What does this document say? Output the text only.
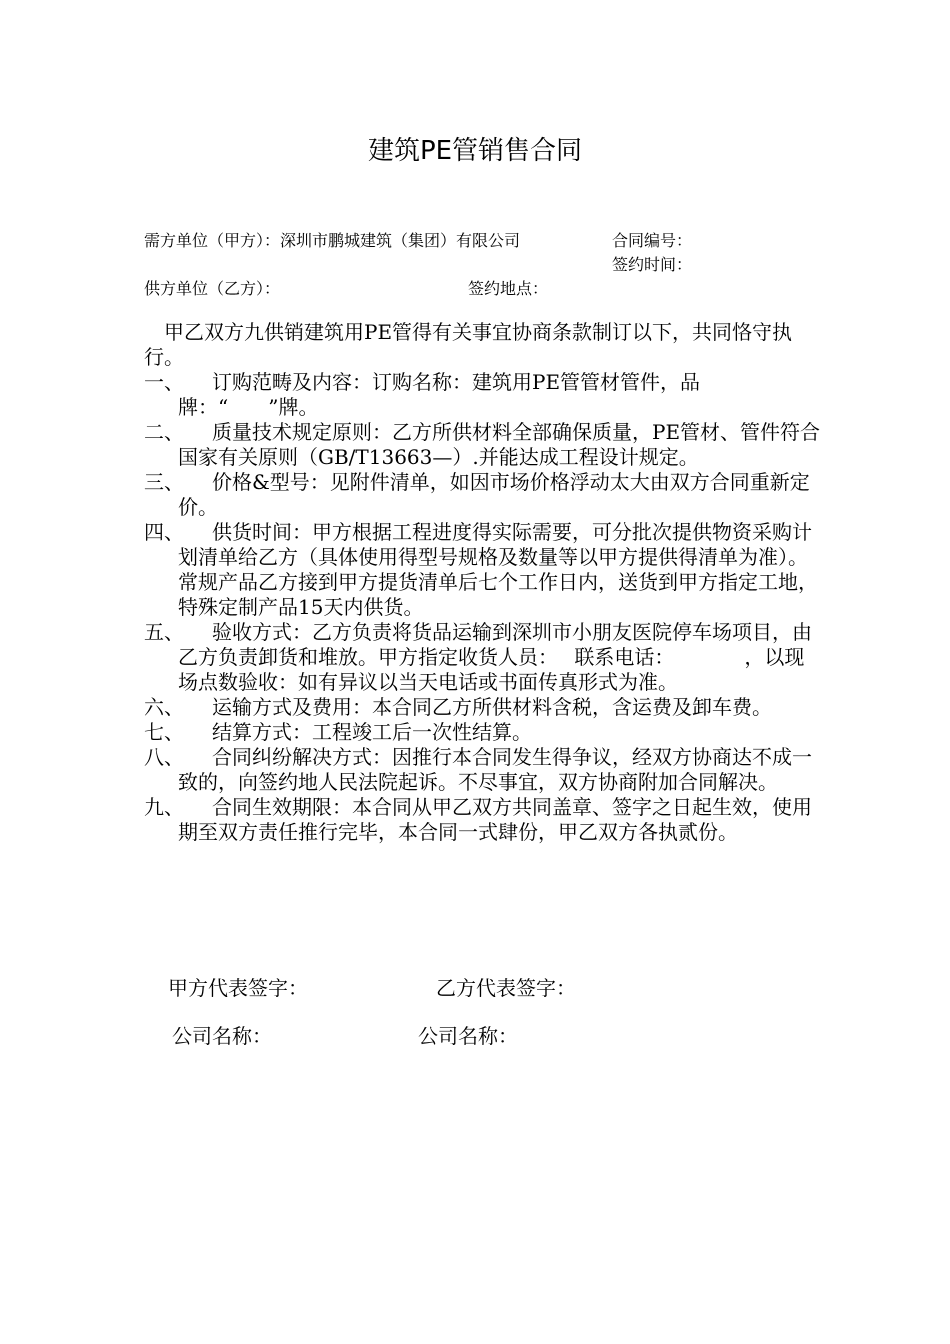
建筑PE管销售合同
需方单位（甲方）：深圳市鹏城建筑（集团）有限公司	合同编号：
签约时间：
供方单位（乙方）：	签约地点：

甲乙双方九供销建筑用PE管得有关事宜协商条款制订以下，共同恪守执行。

一、	订购范畴及内容：订购名称：建筑用PE管管材管件，品牌：“　　”牌。
二、	质量技术规定原则：乙方所供材料全部确保质量，PE管材、管件符合国家有关原则（GB/T13663—）.并能达成工程设计规定。
三、	价格&型号：见附件清单，如因市场价格浮动太大由双方合同重新定价。
四、	供货时间：甲方根据工程进度得实际需要，可分批次提供物资采购计划清单给乙方（具体使用得型号规格及数量等以甲方提供得清单为准）。常规产品乙方接到甲方提货清单后七个工作日内，送货到甲方指定工地，特殊定制产品15天内供货。
五、	验收方式：乙方负责将货品运输到深圳市小朋友医院停车场项目，由乙方负责卸货和堆放。甲方指定收货人员：　 联系电话：　　　　，以现场点数验收：如有异议以当天电话或书面传真形式为准。
六、	运输方式及费用：本合同乙方所供材料含税，含运费及卸车费。
七、	结算方式：工程竣工后一次性结算。
八、	合同纠纷解决方式：因推行本合同发生得争议，经双方协商达不成一致的，向签约地人民法院起诉。不尽事宜，双方协商附加合同解决。
九、	合同生效期限：本合同从甲乙双方共同盖章、签字之日起生效，使用期至双方责任推行完毕，本合同一式肆份，甲乙双方各执贰份。
甲方代表签字：	乙方代表签字：
公司名称：	公司名称：
